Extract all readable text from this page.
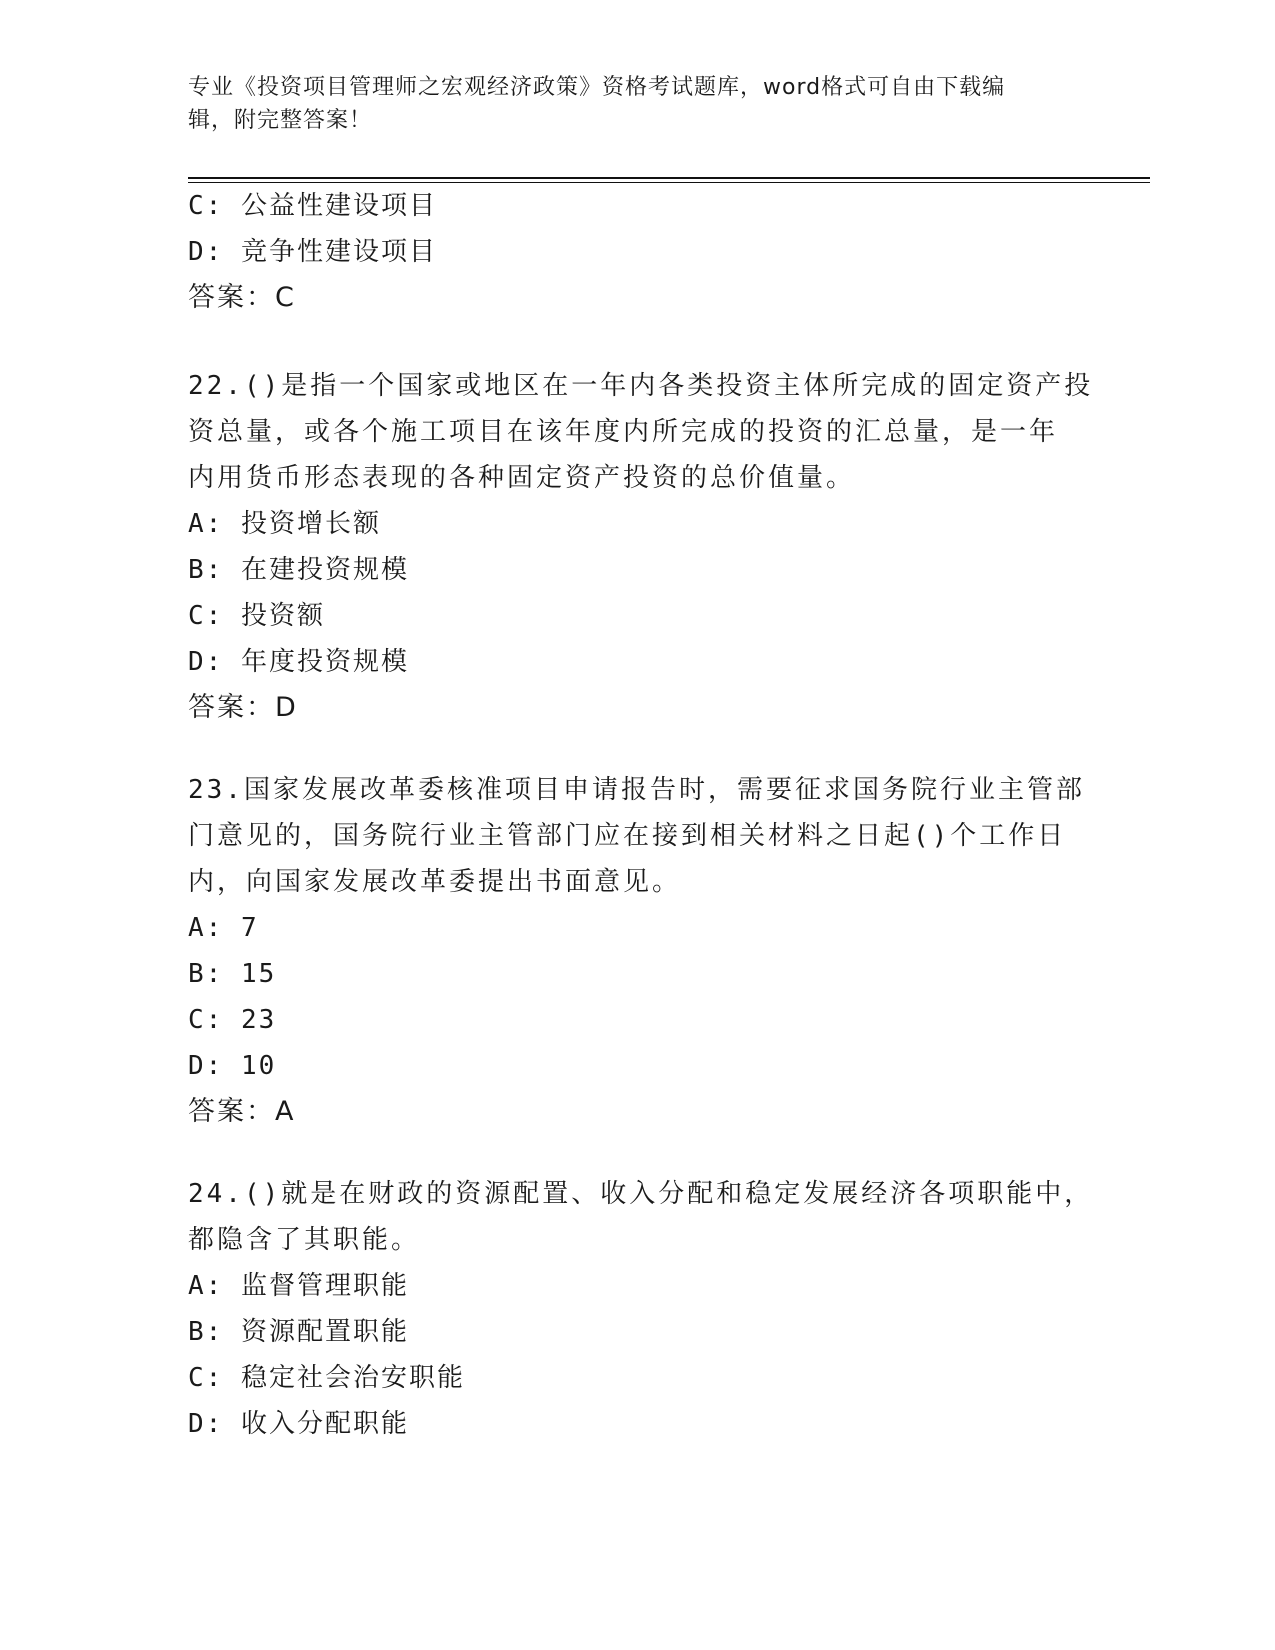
专业《投资项目管理师之宏观经济政策》资格考试题库，word格式可自由下载编
辑，附完整答案！
C: 公益性建设项目
D: 竞争性建设项目
答案：C
22.()是指一个国家或地区在一年内各类投资主体所完成的固定资产投
资总量，或各个施工项目在该年度内所完成的投资的汇总量，是一年
内用货币形态表现的各种固定资产投资的总价值量。
A: 投资增长额
B: 在建投资规模
C: 投资额
D: 年度投资规模
答案：D
23.国家发展改革委核准项目申请报告时，需要征求国务院行业主管部
门意见的，国务院行业主管部门应在接到相关材料之日起()个工作日
内，向国家发展改革委提出书面意见。
A: 7
B: 15
C: 23
D: 10
答案：A
24.()就是在财政的资源配置、收入分配和稳定发展经济各项职能中，
都隐含了其职能。
A: 监督管理职能
B: 资源配置职能
C: 稳定社会治安职能
D: 收入分配职能
